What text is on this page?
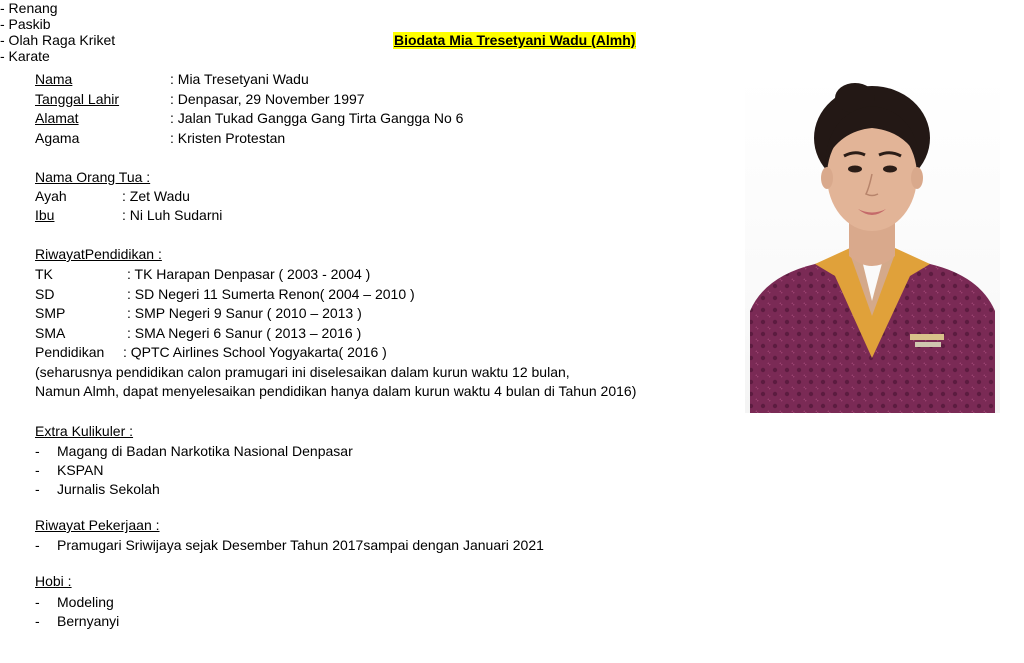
Biodata Mia Tresetyani Wadu (Almh)
Nama	: Mia Tresetyani Wadu
Tanggal Lahir	: Denpasar, 29 November 1997
Alamat	: Jalan Tukad Gangga Gang Tirta Gangga No 6
Agama	: Kristen Protestan
Nama Orang Tua :
Ayah	: Zet Wadu
Ibu	: Ni Luh Sudarni
RiwayatPendidikan :
TK	: TK Harapan Denpasar ( 2003 - 2004 )
SD	: SD Negeri 11 Sumerta Renon( 2004 – 2010 )
SMP	: SMP Negeri 9 Sanur ( 2010 – 2013 )
SMA	: SMA Negeri 6 Sanur ( 2013 – 2016 )
Pendidikan : QPTC Airlines School Yogyakarta( 2016 )
(seharusnya pendidikan calon pramugari ini diselesaikan dalam kurun waktu 12 bulan,
Namun Almh, dapat menyelesaikan pendidikan hanya dalam kurun waktu 4 bulan di Tahun 2016)
Extra Kulikuler :
- Magang di Badan Narkotika Nasional Denpasar
- KSPAN
- Jurnalis Sekolah
Riwayat Pekerjaan :
- Pramugari Sriwijaya sejak Desember Tahun 2017sampai dengan Januari 2021
Hobi :
- Modeling
- Bernyanyi
- Renang
- Paskib
- Olah Raga Kriket
- Karate
